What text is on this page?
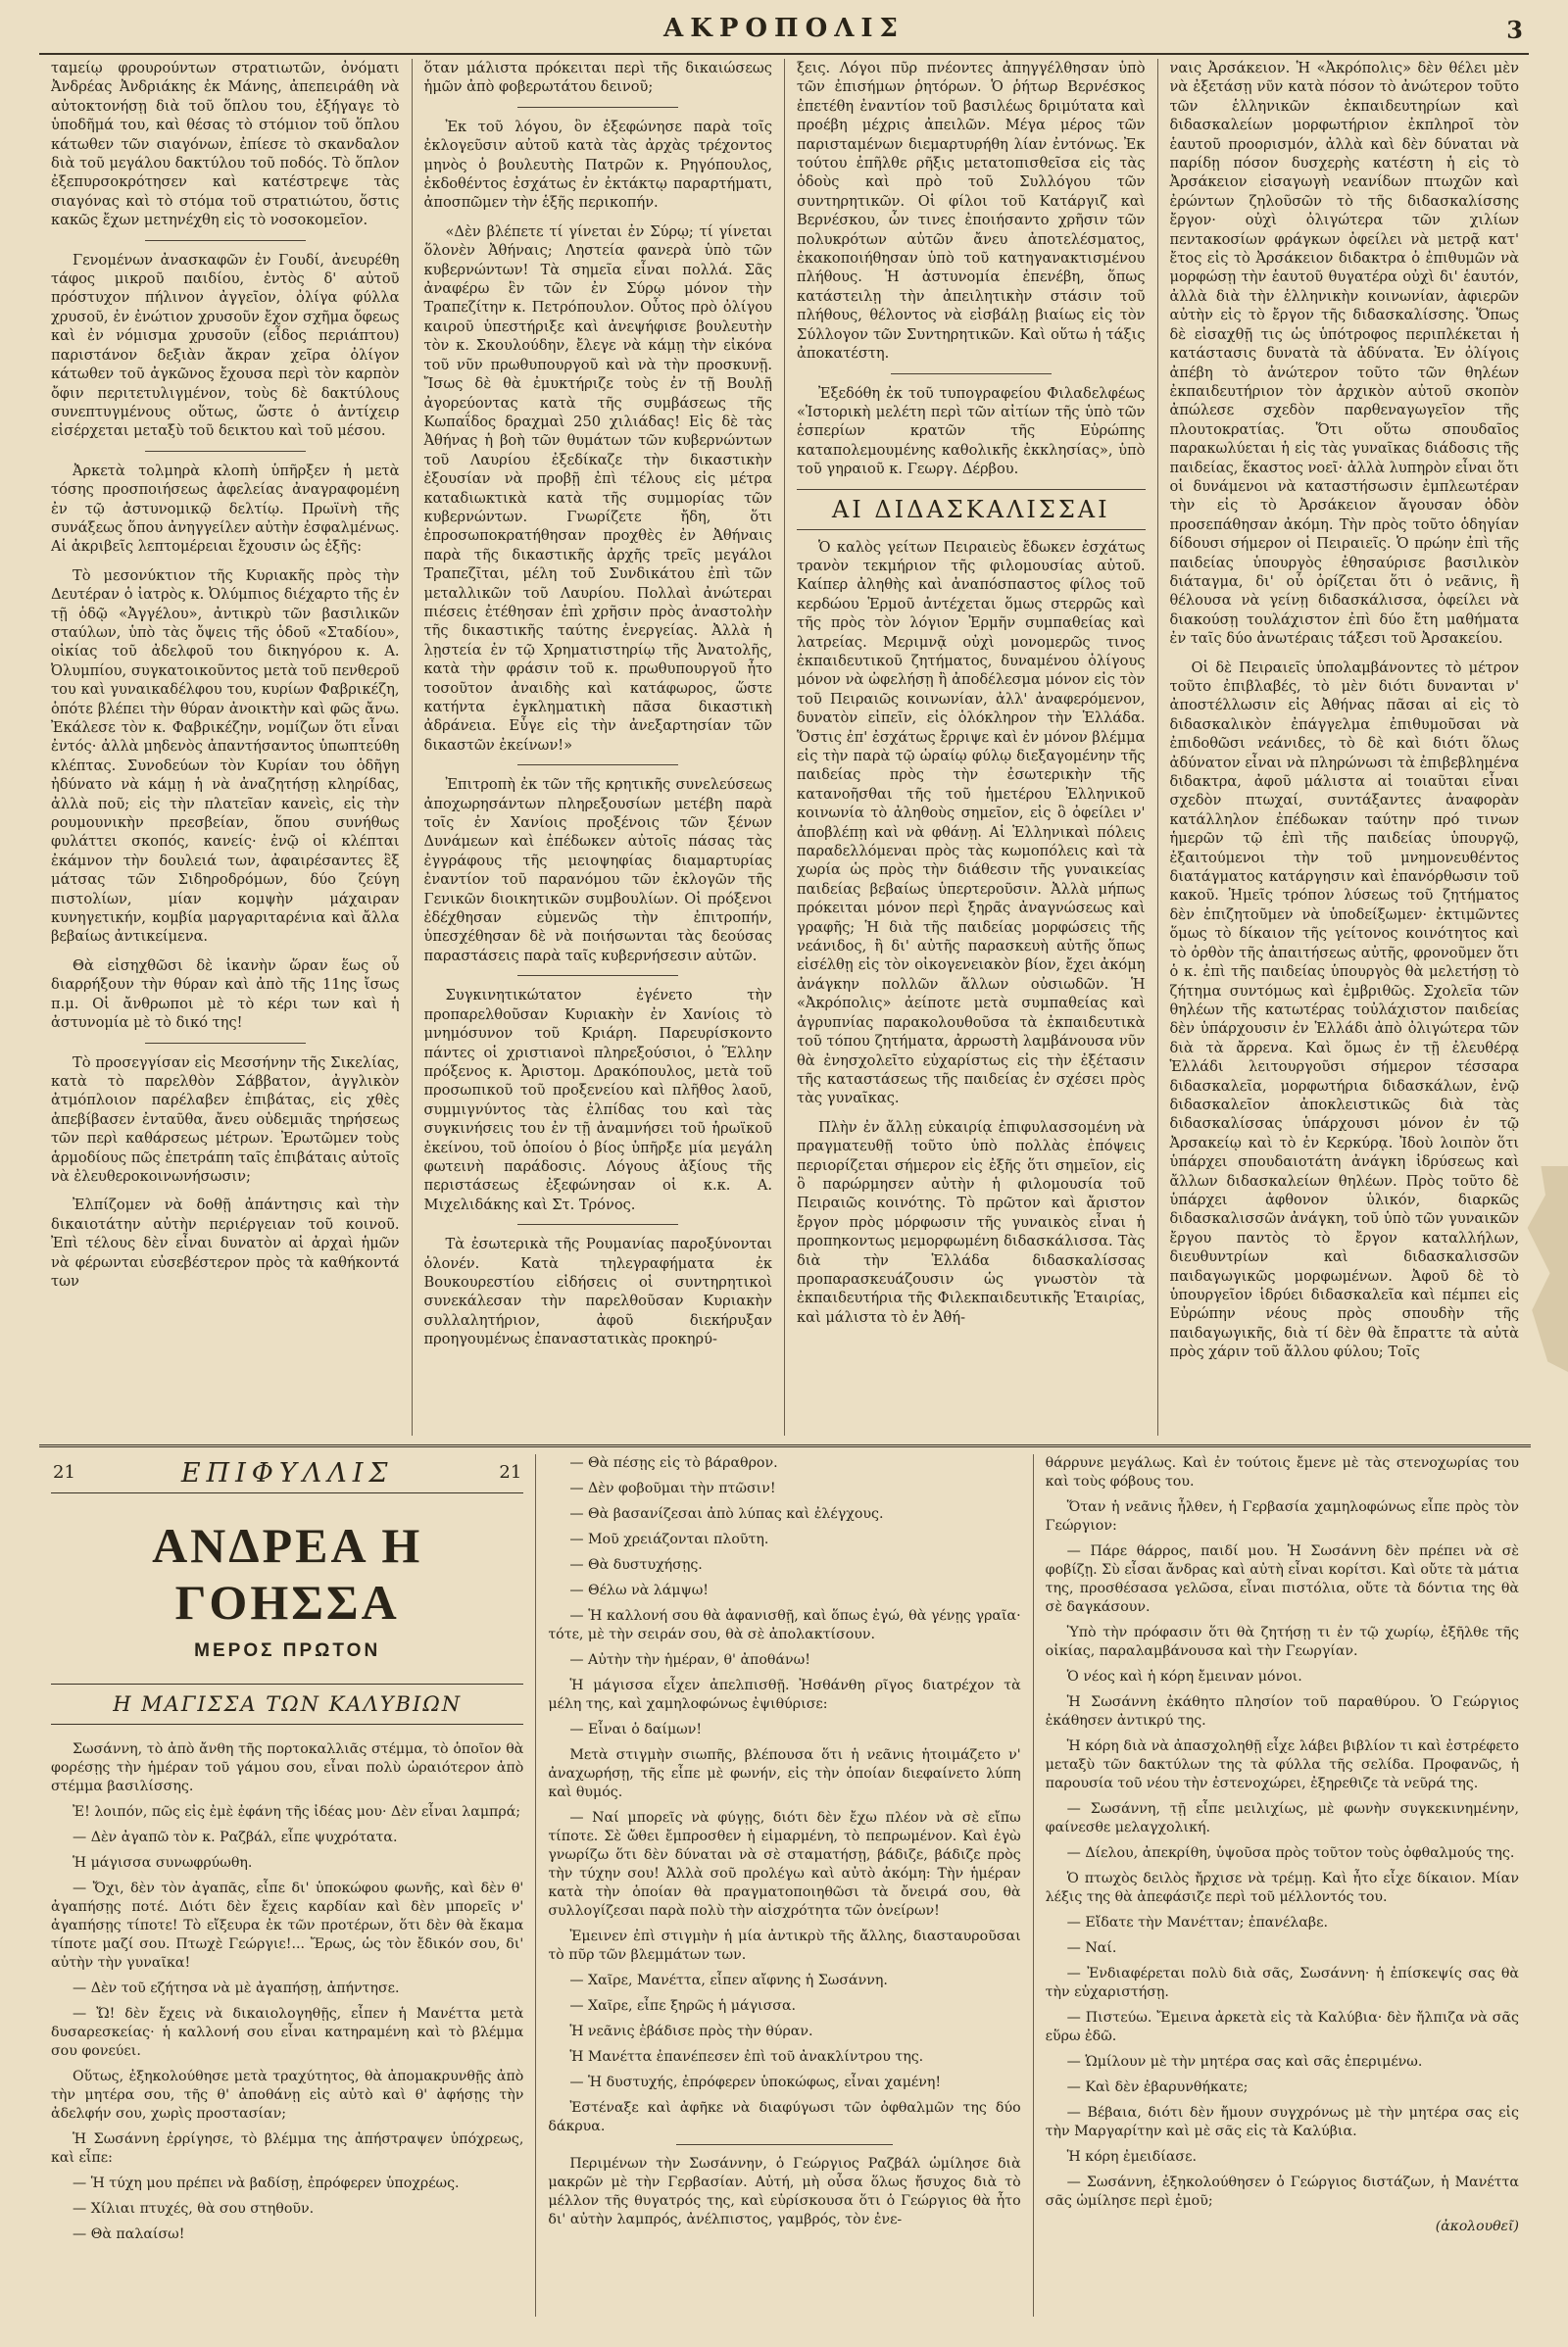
ΑΚΡΟΠΟΛΙΣ	3

ταμείῳ φρουρούντων στρατιωτῶν, ὀνόματι Ἀνδρέας Ἀνδριάκης ἐκ Μάνης, ἀπεπειράθη νὰ αὐτοκτονήσῃ διὰ τοῦ ὅπλου του, ἐξήγαγε τὸ ὑποδῆμά του, καὶ θέσας τὸ στόμιον τοῦ ὅπλου κάτωθεν τῶν σιαγόνων, ἐπίεσε τὸ σκανδαλον διὰ τοῦ μεγάλου δακτύλου τοῦ ποδός. Τὸ ὅπλον ἐξεπυρσοκρότησεν καὶ κατέστρεψε τὰς σιαγόνας καὶ τὸ στόμα τοῦ στρατιώτου, ὅστις κακῶς ἔχων μετηνέχθη εἰς τὸ νοσοκομεῖον.

Γενομένων ἀνασκαφῶν ἐν Γουδί, ἀνευρέθη τάφος μικροῦ παιδίου, ἐντὸς δ' αὐτοῦ πρόστυχον πήλινον ἀγγεῖον, ὀλίγα φύλλα χρυσοῦ, ἐν ἐνώτιον χρυσοῦν ἔχον σχῆμα ὄφεως καὶ ἐν νόμισμα χρυσοῦν (εἶδος περιάπτου) παριστάνον δεξιὰν ἄκραν χεῖρα ὀλίγον κάτωθεν τοῦ ἀγκῶνος ἔχουσα περὶ τὸν καρπὸν ὄφιν περιτετυλιγμένον, τοὺς δὲ δακτύλους συνεπτυγμένους οὕτως, ὥστε ὁ ἀντίχειρ εἰσέρχεται μεταξὺ τοῦ δεικτου καὶ τοῦ μέσου.

Ἀρκετὰ τολμηρὰ κλοπὴ ὑπῆρξεν ἡ μετὰ τόσης προσποιήσεως ἀφελείας ἀναγραφομένη ἐν τῷ ἀστυνομικῷ δελτίῳ. Πρωϊνὴ τῆς συνάξεως ὅπου ἀνηγγείλεν αὐτὴν ἐσφαλμένως. Αἱ ἀκριβεῖς λεπτομέρειαι ἔχουσιν ὡς ἑξῆς:

Τὸ μεσονύκτιον τῆς Κυριακῆς πρὸς τὴν Δευτέραν ὁ ἰατρὸς κ. Ὀλύμπιος διέχαρτο τῆς ἐν τῇ ὁδῷ «Ἀγγέλου», ἀντικρὺ τῶν βασιλικῶν σταύλων, ὑπὸ τὰς ὄψεις τῆς ὁδοῦ «Σταδίου», οἰκίας τοῦ ἀδελφοῦ του δικηγόρου κ. Α. Ὀλυμπίου, συγκατοικοῦντος μετὰ τοῦ πενθεροῦ του καὶ γυναικαδέλφου του, κυρίων Φαβρικέζη, ὁπότε βλέπει τὴν θύραν ἀνοικτὴν καὶ φῶς ἄνω. Ἐκάλεσε τὸν κ. Φαβρικέζην, νομίζων ὅτι εἶναι ἐντός· ἀλλὰ μηδενὸς ἀπαντήσαντος ὑπωπτεύθη κλέπτας. Συνοδεύων τὸν Κυρίαν του ὁδῆγη ἠδύνατο νὰ κάμῃ ἡ νὰ ἀναζητήσῃ κληρίδας, ἀλλὰ ποῦ; εἰς τὴν πλατεῖαν κανεὶς, εἰς τὴν ρουμουνικὴν πρεσβείαν, ὅπου συνήθως φυλάττει σκοπός, κανείς· ἐνῷ οἱ κλέπται ἐκάμνον τὴν δουλειά των, ἀφαιρέσαντες ἓξ μάτσας τῶν Σιδηροδρόμων, δύο ζεύγη πιστολίων, μίαν κομψὴν μάχαιραν κυνηγετικήν, κομβία μαργαριταρένια καὶ ἄλλα βεβαίως ἀντικείμενα.

Θὰ εἰσηχθῶσι δὲ ἱκανὴν ὥραν ἕως οὗ διαρρήξουν τὴν θύραν καὶ ἀπὸ τῆς 11ης ἴσως π.μ. Οἱ ἄνθρωποι μὲ τὸ κέρι των καὶ ἡ ἀστυνομία μὲ τὸ δικό της!

Τὸ προσεγγίσαν εἰς Μεσσήνην τῆς Σικελίας, κατὰ τὸ παρελθὸν Σάββατον, ἀγγλικὸν ἀτμόπλοιον παρέλαβεν ἐπιβάτας, εἰς χθὲς ἀπεβίβασεν ἐνταῦθα, ἄνευ οὐδεμιᾶς τηρήσεως τῶν περὶ καθάρσεως μέτρων. Ἐρωτῶμεν τοὺς ἁρμοδίους πῶς ἐπετράπη ταῖς ἐπιβάταις αὐτοῖς νὰ ἐλευθεροκοινωνήσωσιν;

Ἐλπίζομεν νὰ δοθῇ ἀπάντησις καὶ τὴν δικαιοτάτην αὐτὴν περιέργειαν τοῦ κοινοῦ. Ἐπὶ τέλους δὲν εἶναι δυνατὸν αἱ ἀρχαὶ ἡμῶν νὰ φέρωνται εὐσεβέστερον πρὸς τὰ καθήκοντά των

ὅταν μάλιστα πρόκειται περὶ τῆς δικαιώσεως ἡμῶν ἀπὸ φοβερωτάτου δεινοῦ;

Ἐκ τοῦ λόγου, ὃν ἐξεφώνησε παρὰ τοῖς ἐκλογεῦσιν αὐτοῦ κατὰ τὰς ἀρχὰς τρέχοντος μηνὸς ὁ βουλευτὴς Πατρῶν κ. Ρηγόπουλος, ἐκδοθέντος ἐσχάτως ἐν ἐκτάκτῳ παραρτήματι, ἀποσπῶμεν τὴν ἑξῆς περικοπήν.

«Δὲν βλέπετε τί γίνεται ἐν Σύρῳ; τί γίνεται ὅλονὲν Ἀθήναις; Ληστεία φανερὰ ὑπὸ τῶν κυβερνώντων! Τὰ σημεῖα εἶναι πολλά. Σᾶς ἀναφέρω ἓν τῶν ἐν Σύρῳ μόνον τὴν Τραπεζίτην κ. Πετρόπουλον. Οὗτος πρὸ ὀλίγου καιροῦ ὑπεστήριξε καὶ ἀνεψήφισε βουλευτὴν τὸν κ. Σκουλούδην, ἔλεγε νὰ κάμῃ τὴν εἰκόνα τοῦ νῦν πρωθυπουργοῦ καὶ νὰ τὴν προσκυνῇ. Ἴσως δὲ θὰ ἐμυκτήριζε τοὺς ἐν τῇ Βουλῇ ἀγορεύοντας κατὰ τῆς συμβάσεως τῆς Κωπαΐδος δραχμαὶ 250 χιλιάδας! Εἰς δὲ τὰς Ἀθήνας ἡ βοὴ τῶν θυμάτων τῶν κυβερνώντων τοῦ Λαυρίου ἐξεδίκαζε τὴν δικαστικὴν ἐξουσίαν νὰ προβῇ ἐπὶ τέλους εἰς μέτρα καταδιωκτικὰ κατὰ τῆς συμμορίας τῶν κυβερνώντων. Γνωρίζετε ἤδη, ὅτι ἐπροσωποκρατήθησαν προχθὲς ἐν Ἀθήναις παρὰ τῆς δικαστικῆς ἀρχῆς τρεῖς μεγάλοι Τραπεζῖται, μέλη τοῦ Συνδικάτου ἐπὶ τῶν μεταλλικῶν τοῦ Λαυρίου. Πολλαὶ ἀνώτεραι πιέσεις ἐτέθησαν ἐπὶ χρῆσιν πρὸς ἀναστολὴν τῆς δικαστικῆς ταύτης ἐνεργείας. Ἀλλὰ ἡ λῃστεία ἐν τῷ Χρηματιστηρίῳ τῆς Ἀνατολῆς, κατὰ τὴν φράσιν τοῦ κ. πρωθυπουργοῦ ἦτο τοσοῦτον ἀναιδὴς καὶ κατάφωρος, ὥστε κατήντα ἐγκληματικὴ πᾶσα δικαστικὴ ἀδράνεια. Εὖγε εἰς τὴν ἀνεξαρτησίαν τῶν δικαστῶν ἐκείνων!»

Ἐπιτροπὴ ἐκ τῶν τῆς κρητικῆς συνελεύσεως ἀποχωρησάντων πληρεξουσίων μετέβη παρὰ τοῖς ἐν Χανίοις προξένοις τῶν ξένων Δυνάμεων καὶ ἐπέδωκεν αὐτοῖς πάσας τὰς ἐγγράφους τῆς μειοψηφίας διαμαρτυρίας ἐναντίον τοῦ παρανόμου τῶν ἐκλογῶν τῆς Γενικῶν διοικητικῶν συμβουλίων. Οἱ πρόξενοι ἐδέχθησαν εὐμενῶς τὴν ἐπιτροπήν, ὑπεσχέθησαν δὲ νὰ ποιήσωνται τὰς δεούσας παραστάσεις παρὰ ταῖς κυβερνήσεσιν αὐτῶν.

Συγκινητικώτατον ἐγένετο τὴν προπαρελθοῦσαν Κυριακὴν ἐν Χανίοις τὸ μνημόσυνον τοῦ Κριάρη. Παρευρίσκοντο πάντες οἱ χριστιανοὶ πληρεξούσιοι, ὁ Ἕλλην πρόξενος κ. Ἀριστομ. Δρακόπουλος, μετὰ τοῦ προσωπικοῦ τοῦ προξενείου καὶ πλῆθος λαοῦ, συμμιγνύντος τὰς ἐλπίδας του καὶ τὰς συγκινήσεις του ἐν τῇ ἀναμνήσει τοῦ ἡρωϊκοῦ ἐκείνου, τοῦ ὁποίου ὁ βίος ὑπῆρξε μία μεγάλη φωτεινὴ παράδοσις. Λόγους ἀξίους τῆς περιστάσεως ἐξεφώνησαν οἱ κ.κ. Α. Μιχελιδάκης καὶ Στ. Τρόνος.

Τὰ ἐσωτερικὰ τῆς Ρουμανίας παροξύνονται ὁλονέν. Κατὰ τηλεγραφήματα ἐκ Βουκουρεστίου εἰδήσεις οἱ συντηρητικοὶ συνεκάλεσαν τὴν παρελθοῦσαν Κυριακὴν συλλαλητήριον, ἀφοῦ διεκήρυξαν προηγουμένως ἐπαναστατικὰς προκηρύ-

ξεις. Λόγοι πῦρ πνέοντες ἀπηγγέλθησαν ὑπὸ τῶν ἐπισήμων ῥητόρων. Ὁ ῥήτωρ Βερνέσκος ἐπετέθη ἐναντίον τοῦ βασιλέως δριμύτατα καὶ προέβη μέχρις ἀπειλῶν. Μέγα μέρος τῶν παρισταμένων διεμαρτυρήθη λίαν ἐντόνως. Ἐκ τούτου ἐπῆλθε ρῆξις μετατοπισθεῖσα εἰς τὰς ὁδοὺς καὶ πρὸ τοῦ Συλλόγου τῶν συντηρητικῶν. Οἱ φίλοι τοῦ Κατάργιζ καὶ Βερνέσκου, ὧν τινες ἐποιήσαντο χρῆσιν τῶν πολυκρότων αὐτῶν ἄνευ ἀποτελέσματος, ἐκακοποιήθησαν ὑπὸ τοῦ κατηγανακτισμένου πλήθους. Ἡ ἀστυνομία ἐπενέβη, ὅπως κατάστειλῃ τὴν ἀπειλητικὴν στάσιν τοῦ πλήθους, θέλοντος νὰ εἰσβάλῃ βιαίως εἰς τὸν Σύλλογον τῶν Συντηρητικῶν. Καὶ οὕτω ἡ τάξις ἀποκατέστη.

Ἐξεδόθη ἐκ τοῦ τυπογραφείου Φιλαδελφέως «Ἱστορικὴ μελέτη περὶ τῶν αἰτίων τῆς ὑπὸ τῶν ἑσπερίων κρατῶν τῆς Εὐρώπης καταπολεμουμένης καθολικῆς ἐκκλησίας», ὑπὸ τοῦ γηραιοῦ κ. Γεωργ. Δέρβου.

ΑΙ ΔΙΔΑΣΚΑΛΙΣΣΑΙ

Ὁ καλὸς γείτων Πειραιεὺς ἔδωκεν ἐσχάτως τρανὸν τεκμήριον τῆς φιλομουσίας αὐτοῦ. Καίπερ ἀληθὴς καὶ ἀναπόσπαστος φίλος τοῦ κερδώου Ἑρμοῦ ἀντέχεται ὅμως στερρῶς καὶ τῆς πρὸς τὸν λόγιον Ἑρμῆν συμπαθείας καὶ λατρείας. Μεριμνᾷ οὐχὶ μονομερῶς τινος ἐκπαιδευτικοῦ ζητήματος, δυναμένου ὀλίγους μόνον νὰ ὠφελήσῃ ἢ ἀποδέλεσμα μόνον εἰς τὸν τοῦ Πειραιῶς κοινωνίαν, ἀλλ' ἀναφερόμενον, δυνατὸν εἰπεῖν, εἰς ὁλόκληρον τὴν Ἑλλάδα. Ὅστις ἐπ' ἐσχάτως ἔρριψε καὶ ἐν μόνον βλέμμα εἰς τὴν παρὰ τῷ ὡραίῳ φύλῳ διεξαγομένην τῆς παιδείας πρὸς τὴν ἐσωτερικὴν τῆς κατανοῆσθαι τῆς τοῦ ἡμετέρου Ἑλληνικοῦ κοινωνία τὸ ἀληθοὺς σημεῖον, εἰς ὃ ὀφείλει ν' ἀποβλέπῃ καὶ νὰ φθάνῃ. Αἱ Ἑλληνικαὶ πόλεις παραδελλόμεναι πρὸς τὰς κωμοπόλεις καὶ τὰ χωρία ὡς πρὸς τὴν διάθεσιν τῆς γυναικείας παιδείας βεβαίως ὑπερτεροῦσιν. Ἀλλὰ μήπως πρόκειται μόνον περὶ ξηρᾶς ἀναγνώσεως καὶ γραφῆς; Ἡ διὰ τῆς παιδείας μορφώσεις τῆς νεάνιδος, ἢ δι' αὐτῆς παρασκευὴ αὐτῆς ὅπως εἰσέλθῃ εἰς τὸν οἰκογενειακὸν βίον, ἔχει ἀκόμη ἀνάγκην πολλῶν ἄλλων οὐσιωδῶν. Ἡ «Ἀκρόπολις» ἀείποτε μετὰ συμπαθείας καὶ ἀγρυπνίας παρακολουθοῦσα τὰ ἐκπαιδευτικὰ τοῦ τόπου ζητήματα, ἀρρωστὴ λαμβάνουσα νῦν θὰ ἐνησχολεῖτο εὐχαρίστως εἰς τὴν ἐξέτασιν τῆς καταστάσεως τῆς παιδείας ἐν σχέσει πρὸς τὰς γυναῖκας.

Πλὴν ἐν ἄλλῃ εὐκαιρίᾳ ἐπιφυλασσομένη νὰ πραγματευθῇ τοῦτο ὑπὸ πολλὰς ἐπόψεις περιορίζεται σήμερον εἰς ἐξῆς ὅτι σημεῖον, εἰς ὃ παρώρμησεν αὐτὴν ἡ φιλομουσία τοῦ Πειραιῶς κοινότης. Τὸ πρῶτον καὶ ἄριστον ἔργον πρὸς μόρφωσιν τῆς γυναικὸς εἶναι ἡ προπηκοντως μεμορφωμένη διδασκάλισσα. Τὰς διὰ τὴν Ἑλλάδα διδασκαλίσσας προπαρασκευάζουσιν ὡς γνωστὸν τὰ ἐκπαιδευτήρια τῆς Φιλεκπαιδευτικῆς Ἑταιρίας, καὶ μάλιστα τὸ ἐν Ἀθή-

ναις Ἀρσάκειον. Ἡ «Ἀκρόπολις» δὲν θέλει μὲν νὰ ἐξετάσῃ νῦν κατὰ πόσον τὸ ἀνώτερον τοῦτο τῶν ἑλληνικῶν ἐκπαιδευτηρίων καὶ διδασκαλείων μορφωτήριον ἐκπληροῖ τὸν ἑαυτοῦ προορισμόν, ἀλλὰ καὶ δὲν δύναται νὰ παρίδῃ πόσον δυσχερὴς κατέστη ἡ εἰς τὸ Ἀρσάκειον εἰσαγωγὴ νεανίδων πτωχῶν καὶ ἐρώντων ζηλοῦσῶν τὸ τῆς διδασκαλίσσης ἔργον· οὐχὶ ὀλιγώτερα τῶν χιλίων πεντακοσίων φράγκων ὀφείλει νὰ μετρᾷ κατ' ἔτος εἰς τὸ Ἀρσάκειον διδακτρα ὁ ἐπιθυμῶν νὰ μορφώσῃ τὴν ἑαυτοῦ θυγατέρα οὐχὶ δι' ἑαυτόν, ἀλλὰ διὰ τὴν ἑλληνικὴν κοινωνίαν, ἀφιερῶν αὐτὴν εἰς τὸ ἔργον τῆς διδασκαλίσσης. Ὅπως δὲ εἰσαχθῇ τις ὡς ὑπότροφος περιπλέκεται ἡ κατάστασις δυνατὰ τὰ ἀδύνατα. Ἐν ὀλίγοις ἀπέβη τὸ ἀνώτερον τοῦτο τῶν θηλέων ἐκπαιδευτήριον τὸν ἀρχικὸν αὐτοῦ σκοπὸν ἀπώλεσε σχεδὸν παρθεναγωγεῖον τῆς πλουτοκρατίας. Ὅτι οὕτω σπουδαῖος παρακωλύεται ἡ εἰς τὰς γυναῖκας διάδοσις τῆς παιδείας, ἕκαστος νοεῖ· ἀλλὰ λυπηρὸν εἶναι ὅτι οἱ δυνάμενοι νὰ καταστήσωσιν ἐμπλεωτέραν τὴν εἰς τὸ Ἀρσάκειον ἄγουσαν ὁδὸν προσεπάθησαν ἀκόμη. Τὴν πρὸς τοῦτο ὁδηγίαν δίδουσι σήμερον οἱ Πειραιεῖς. Ὁ πρώην ἐπὶ τῆς παιδείας ὑπουργὸς ἐθησαύρισε βασιλικὸν διάταγμα, δι' οὗ ὁρίζεται ὅτι ὁ νεᾶνις, ἣ θέλουσα νὰ γείνῃ διδασκάλισσα, ὀφείλει νὰ διακούσῃ τουλάχιστον ἐπὶ δύο ἔτη μαθήματα ἐν ταῖς δύο ἀνωτέραις τάξεσι τοῦ Ἀρσακείου.

Οἱ δὲ Πειραιεῖς ὑπολαμβάνοντες τὸ μέτρον τοῦτο ἐπιβλαβές, τὸ μὲν διότι δυνανται ν' ἀποστέλλωσιν εἰς Ἀθήνας πᾶσαι αἱ εἰς τὸ διδασκαλικὸν ἐπάγγελμα ἐπιθυμοῦσαι νὰ ἐπιδοθῶσι νεάνιδες, τὸ δὲ καὶ διότι ὅλως ἀδύνατον εἶναι νὰ πληρώνωσι τὰ ἐπιβεβλημένα διδακτρα, ἀφοῦ μάλιστα αἱ τοιαῦται εἶναι σχεδὸν πτωχαί, συντάξαντες ἀναφορὰν κατάλληλον ἐπέδωκαν ταύτην πρό τινων ἡμερῶν τῷ ἐπὶ τῆς παιδείας ὑπουργῷ, ἐξαιτούμενοι τὴν τοῦ μνημονευθέντος διατάγματος κατάργησιν καὶ ἐπανόρθωσιν τοῦ κακοῦ. Ἡμεῖς τρόπον λύσεως τοῦ ζητήματος δὲν ἐπιζητοῦμεν νὰ ὑποδείξωμεν· ἐκτιμῶντες ὅμως τὸ δίκαιον τῆς γείτονος κοινότητος καὶ τὸ ὀρθὸν τῆς ἀπαιτήσεως αὐτῆς, φρονοῦμεν ὅτι ὁ κ. ἐπὶ τῆς παιδείας ὑπουργὸς θὰ μελετήσῃ τὸ ζήτημα συντόμως καὶ ἐμβριθῶς. Σχολεῖα τῶν θηλέων τῆς κατωτέρας τοὐλάχιστον παιδείας δὲν ὑπάρχουσιν ἐν Ἑλλάδι ἀπὸ ὀλιγώτερα τῶν διὰ τὰ ἄρρενα. Καὶ ὅμως ἐν τῇ ἐλευθέρᾳ Ἑλλάδι λειτουργοῦσι σήμερον τέσσαρα διδασκαλεῖα, μορφωτήρια διδασκάλων, ἐνῷ διδασκαλεῖον ἀποκλειστικῶς διὰ τὰς διδασκαλίσσας ὑπάρχουσι μόνον ἐν τῷ Ἀρσακείῳ καὶ τὸ ἐν Κερκύρᾳ. Ἰδοὺ λοιπὸν ὅτι ὑπάρχει σπουδαιοτάτη ἀνάγκη ἱδρύσεως καὶ ἄλλων διδασκαλείων θηλέων. Πρὸς τοῦτο δὲ ὑπάρχει ἀφθονον ὑλικόν, διαρκῶς διδασκαλισσῶν ἀνάγκη, τοῦ ὑπὸ τῶν γυναικῶν ἔργου παντὸς τὸ ἔργον καταλλήλων, διευθυντρίων καὶ διδασκαλισσῶν παιδαγωγικῶς μορφωμένων. Ἀφοῦ δὲ τὸ ὑπουργεῖον ἱδρύει διδασκαλεῖα καὶ πέμπει εἰς Εὐρώπην νέους πρὸς σπουδὴν τῆς παιδαγωγικῆς, διὰ τί δὲν θὰ ἔπραττε τὰ αὐτὰ πρὸς χάριν τοῦ ἄλλου φύλου; Τοῖς

21	21
ΕΠΙΦΥΛΛΙΣ
ΑΝΔΡΕΑ Η ΓΟΗΣΣΑ
ΜΕΡΟΣ ΠΡΩΤΟΝ
Η ΜΑΓΙΣΣΑ ΤΩΝ ΚΑΛΥΒΙΩΝ

Σωσάννη, τὸ ἀπὸ ἄνθη τῆς πορτοκαλλιᾶς στέμμα, τὸ ὁποῖον θὰ φορέσῃς τὴν ἡμέραν τοῦ γάμου σου, εἶναι πολὺ ὡραιότερον ἀπὸ στέμμα βασιλίσσης.

Ἐ! λοιπόν, πῶς εἰς ἐμὲ ἐφάνη τῆς ἰδέας μου· Δὲν εἶναι λαμπρά;

— Δὲν ἀγαπῶ τὸν κ. Ραζβάλ, εἶπε ψυχρότατα.

Ἡ μάγισσα συνωφρύωθη.

— Ὄχι, δὲν τὸν ἀγαπᾶς, εἶπε δι' ὑποκώφου φωνῆς, καὶ δὲν θ' ἀγαπήσῃς ποτέ. Διότι δὲν ἔχεις καρδίαν καὶ δὲν μπορεῖς ν' ἀγαπήσῃς τίποτε! Τὸ εἴξευρα ἐκ τῶν προτέρων, ὅτι δὲν θὰ ἔκαμα τίποτε μαζί σου. Πτωχὲ Γεώργιε!... Ἔρως, ὡς τὸν ἔδικόν σου, δι' αὐτὴν τὴν γυναῖκα!

— Δὲν τοῦ εζήτησα νὰ μὲ ἀγαπήσῃ, ἀπήντησε.

— Ὤ! δὲν ἔχεις νὰ δικαιολογηθῇς, εἶπεν ἡ Μανέττα μετὰ δυσαρεσκείας· ἡ καλλονή σου εἶναι κατηραμένη καὶ τὸ βλέμμα σου φονεύει.

Οὕτως, ἐξηκολούθησε μετὰ τραχύτητος, θὰ ἀπομακρυνθῇς ἀπὸ τὴν μητέρα σου, τῆς θ' ἀποθάνῃ εἰς αὐτὸ καὶ θ' ἀφήσῃς τὴν ἀδελφήν σου, χωρὶς προστασίαν;

Ἡ Σωσάννη ἐρρίγησε, τὸ βλέμμα της ἀπήστραψεν ὑπόχρεως, καὶ εἶπε:

— Ἡ τύχη μου πρέπει νὰ βαδίσῃ, ἐπρόφερεν ὑποχρέως.

— Χίλιαι πτυχές, θὰ σου στηθοῦν.

— Θὰ παλαίσω!

— Θὰ πέσῃς εἰς τὸ βάραθρον.

— Δὲν φοβοῦμαι τὴν πτῶσιν!

— Θὰ βασανίζεσαι ἀπὸ λύπας καὶ ἐλέγχους.

— Μοῦ χρειάζονται πλοῦτη.

— Θὰ δυστυχήσῃς.

— Θέλω νὰ λάμψω!

— Ἡ καλλονή σου θὰ ἀφανισθῇ, καὶ ὅπως ἐγώ, θὰ γένῃς γραῖα· τότε, μὲ τὴν σειράν σου, θὰ σὲ ἀπολακτίσουν.

— Αὐτὴν τὴν ἡμέραν, θ' ἀποθάνω!

Ἡ μάγισσα εἶχεν ἀπελπισθῇ. Ἠσθάνθη ρῖγος διατρέχον τὰ μέλη της, καὶ χαμηλοφώνως ἐψιθύρισε:

— Εἶναι ὁ δαίμων!

Μετὰ στιγμὴν σιωπῆς, βλέπουσα ὅτι ἡ νεᾶνις ἡτοιμάζετο ν' ἀναχωρήσῃ, τῆς εἶπε μὲ φωνήν, εἰς τὴν ὁποίαν διεφαίνετο λύπη καὶ θυμός.

— Ναί μπορεῖς νὰ φύγῃς, διότι δὲν ἔχω πλέον νὰ σὲ εἴπω τίποτε. Σὲ ὤθει ἔμπροσθεν ἡ εἱμαρμένη, τὸ πεπρωμένον. Καὶ ἐγὼ γνωρίζω ὅτι δὲν δύναται νὰ σὲ σταματήσῃ, βάδιζε, βάδιζε πρὸς τὴν τύχην σου! Ἀλλὰ σοῦ προλέγω καὶ αὐτὸ ἀκόμη: Τὴν ἡμέραν κατὰ τὴν ὁποίαν θὰ πραγματοποιηθῶσι τὰ ὄνειρά σου, θὰ συλλογίζεσαι παρὰ πολὺ τὴν αἰσχρότητα τῶν ὀνείρων!

Ἐμεινεν ἐπὶ στιγμὴν ἡ μία ἀντικρὺ τῆς ἄλλης, διασταυροῦσαι τὸ πῦρ τῶν βλεμμάτων των.

— Χαῖρε, Μανέττα, εἶπεν αἴφνης ἡ Σωσάννη.

— Χαῖρε, εἶπε ξηρῶς ἡ μάγισσα.

Ἡ νεᾶνις ἐβάδισε πρὸς τὴν θύραν.

Ἡ Μανέττα ἐπανέπεσεν ἐπὶ τοῦ ἀνακλίντρου της.

— Ἡ δυστυχής, ἐπρόφερεν ὑποκώφως, εἶναι χαμένη!

Ἐστέναξε καὶ ἀφῆκε νὰ διαφύγωσι τῶν ὀφθαλμῶν της δύο δάκρυα.

Περιμένων τὴν Σωσάννην, ὁ Γεώργιος Ραζβάλ ὡμίλησε διὰ μακρῶν μὲ τὴν Γερβασίαν. Αὐτή, μὴ οὖσα ὅλως ἤσυχος διὰ τὸ μέλλον τῆς θυγατρός της, καὶ εὑρίσκουσα ὅτι ὁ Γεώργιος θὰ ἦτο δι' αὐτὴν λαμπρός, ἀνέλπιστος, γαμβρός, τὸν ἐνε-

θάρρυνε μεγάλως. Καὶ ἐν τούτοις ἔμενε μὲ τὰς στενοχωρίας του καὶ τοὺς φόβους του.

Ὅταν ἡ νεᾶνις ἦλθεν, ἡ Γερβασία χαμηλοφώνως εἶπε πρὸς τὸν Γεώργιον:

— Πάρε θάρρος, παιδί μου. Ἡ Σωσάννη δὲν πρέπει νὰ σὲ φοβίζῃ. Σὺ εἶσαι ἄνδρας καὶ αὐτὴ εἶναι κορίτσι. Καὶ οὔτε τὰ μάτια της, προσθέσασα γελῶσα, εἶναι πιστόλια, οὔτε τὰ δόντια της θὰ σὲ δαγκάσουν.

Ὑπὸ τὴν πρόφασιν ὅτι θὰ ζητήσῃ τι ἐν τῷ χωρίῳ, ἐξῆλθε τῆς οἰκίας, παραλαμβάνουσα καὶ τὴν Γεωργίαν.

Ὁ νέος καὶ ἡ κόρη ἔμειναν μόνοι.

Ἡ Σωσάννη ἐκάθητο πλησίον τοῦ παραθύρου. Ὁ Γεώργιος ἐκάθησεν ἀντικρύ της.

Ἡ κόρη διὰ νὰ ἀπασχοληθῇ εἶχε λάβει βιβλίον τι καὶ ἐστρέφετο μεταξὺ τῶν δακτύλων της τὰ φύλλα τῆς σελίδα. Προφανῶς, ἡ παρουσία τοῦ νέου τὴν ἐστενοχώρει, ἐξηρεθιζε τὰ νεῦρά της.

— Σωσάννη, τῇ εἶπε μειλιχίως, μὲ φωνὴν συγκεκινημένην, φαίνεσθε μελαγχολική.

— Δίελου, ἀπεκρίθη, ὑψοῦσα πρὸς τοῦτον τοὺς ὀφθαλμούς της.

Ὁ πτωχὸς δειλὸς ἤρχισε νὰ τρέμῃ. Καὶ ἦτο εἶχε δίκαιον. Μίαν λέξις της θὰ ἀπεφάσιζε περὶ τοῦ μέλλοντός του.

— Εἴδατε τὴν Μανέτταν; ἐπανέλαβε.

— Ναί.

— Ἐνδιαφέρεται πολὺ διὰ σᾶς, Σωσάννη· ἡ ἐπίσκεψίς σας θὰ τὴν εὐχαριστήσῃ.

— Πιστεύω. Ἔμεινα ἀρκετὰ εἰς τὰ Καλύβια· δὲν ἤλπιζα νὰ σᾶς εὕρω ἐδῶ.

— Ὡμίλουν μὲ τὴν μητέρα σας καὶ σᾶς ἐπεριμένω.

— Καὶ δὲν ἐβαρυνθήκατε;

— Βέβαια, διότι δὲν ἤμουν συγχρόνως μὲ τὴν μητέρα σας εἰς τὴν Μαργαρίτην καὶ μὲ σᾶς εἰς τὰ Καλύβια.

Ἡ κόρη ἐμειδίασε.

— Σωσάννη, ἐξηκολούθησεν ὁ Γεώργιος διστάζων, ἡ Μανέττα σᾶς ὡμίλησε περὶ ἐμοῦ;

(ἀκολουθεῖ)
